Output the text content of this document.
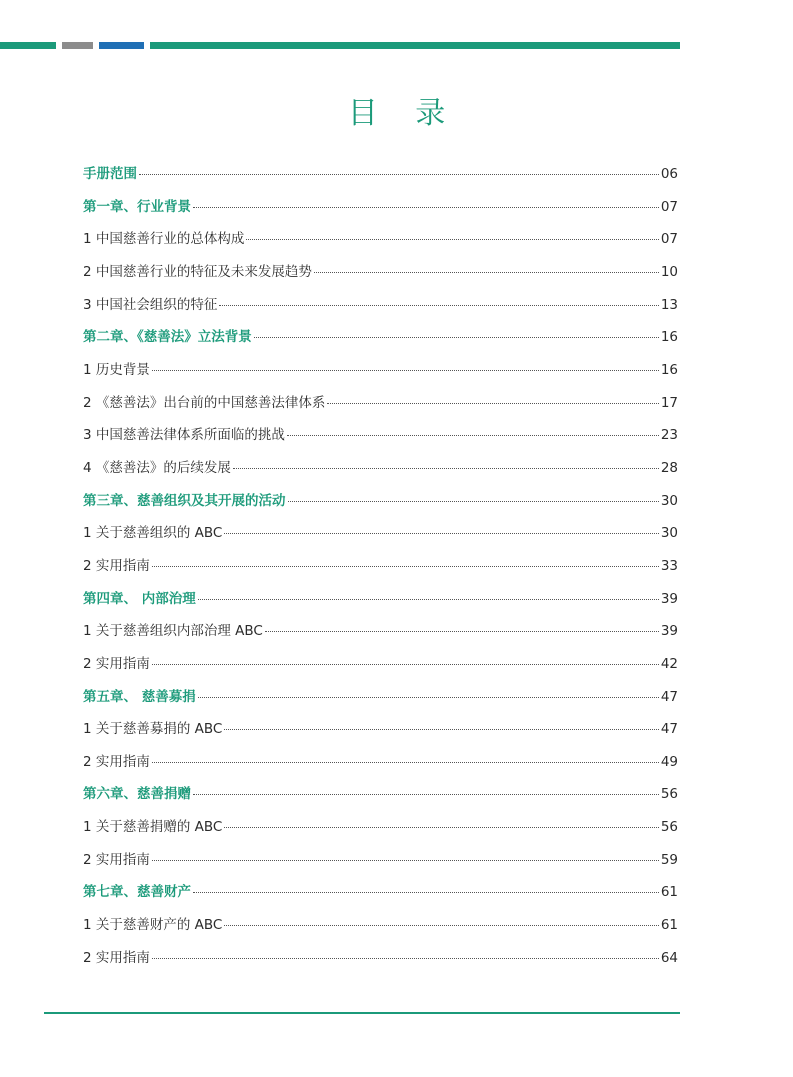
目 录
手册范围	06
第一章、行业背景	07
1 中国慈善行业的总体构成	07
2 中国慈善行业的特征及未来发展趋势	10
3 中国社会组织的特征	13
第二章、《慈善法》立法背景	16
1 历史背景	16
2 《慈善法》出台前的中国慈善法律体系	17
3 中国慈善法律体系所面临的挑战	23
4 《慈善法》的后续发展	28
第三章、慈善组织及其开展的活动	30
1 关于慈善组织的 ABC	30
2 实用指南	33
第四章、 内部治理	39
1 关于慈善组织内部治理 ABC	39
2 实用指南	42
第五章、 慈善募捐	47
1 关于慈善募捐的 ABC	47
2 实用指南	49
第六章、慈善捐赠	56
1 关于慈善捐赠的 ABC	56
2 实用指南	59
第七章、慈善财产	61
1 关于慈善财产的 ABC	61
2 实用指南	64
